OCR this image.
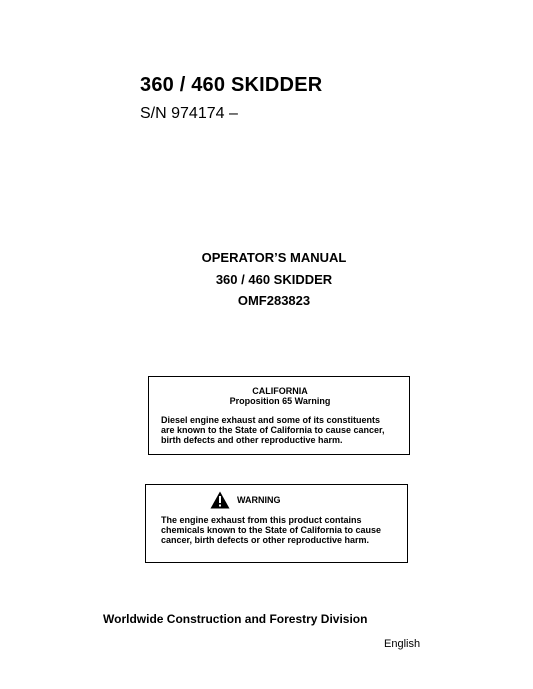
360 / 460 SKIDDER
S/N 974174 –
OPERATOR’S MANUAL
360 / 460 SKIDDER
OMF283823
CALIFORNIA
Proposition 65 Warning
Diesel engine exhaust and some of its constituents
are known to the State of California to cause cancer,
birth defects and other reproductive harm.
WARNING
The engine exhaust from this product contains
chemicals known to the State of California to cause
cancer, birth defects or other reproductive harm.
Worldwide Construction and Forestry Division
English
